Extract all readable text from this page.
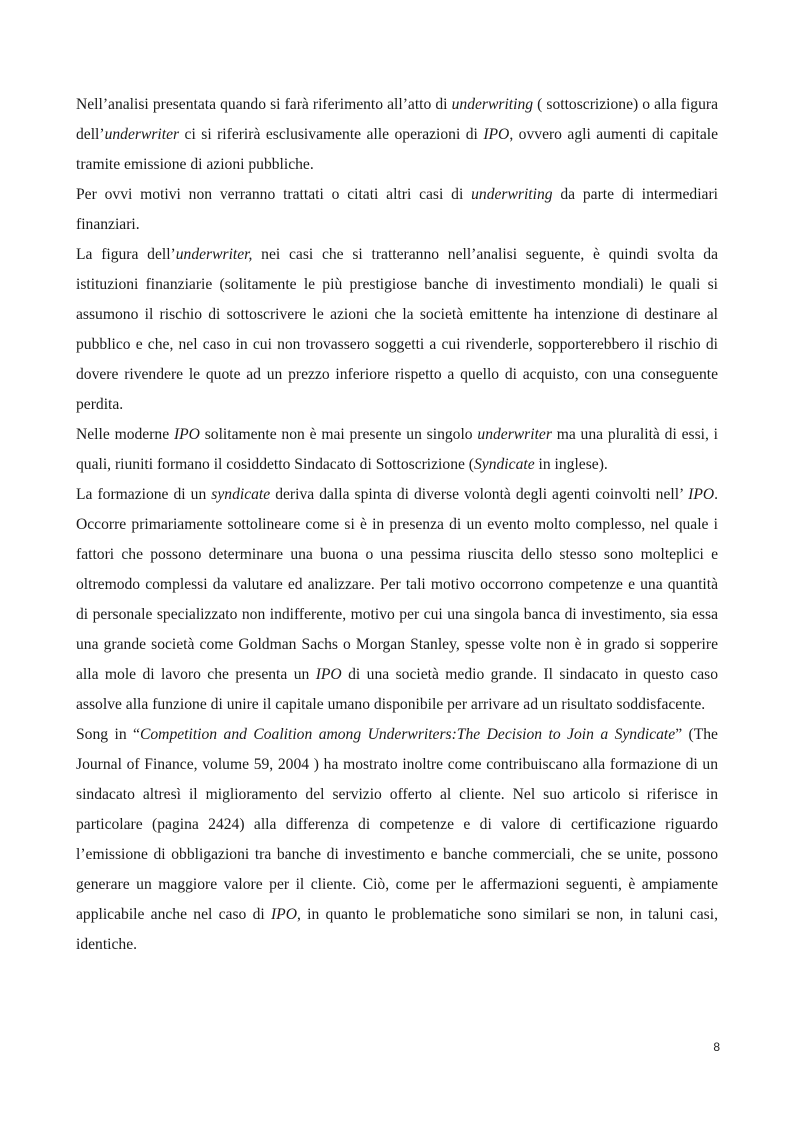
Nell’analisi presentata quando si farà riferimento all’atto di underwriting ( sottoscrizione) o alla figura dell’underwriter ci si riferirà esclusivamente alle operazioni di IPO, ovvero agli aumenti di capitale tramite emissione di azioni pubbliche.

Per ovvi motivi non verranno trattati o citati altri casi di underwriting da parte di intermediari finanziari.

La figura dell’underwriter, nei casi che si tratteranno nell’analisi seguente, è quindi svolta da istituzioni finanziarie (solitamente le più prestigiose banche di investimento mondiali) le quali si assumono il rischio di sottoscrivere le azioni che la società emittente ha intenzione di destinare al pubblico e che, nel caso in cui non trovassero soggetti a cui rivenderle, sopporterebbero il rischio di dovere rivendere le quote ad un prezzo inferiore rispetto a quello di acquisto, con una conseguente perdita.

Nelle moderne IPO solitamente non è mai presente un singolo underwriter ma una pluralità di essi, i quali, riuniti formano il cosiddetto Sindacato di Sottoscrizione (Syndicate in inglese).

La formazione di un syndicate deriva dalla spinta di diverse volontà degli agenti coinvolti nell’ IPO. Occorre primariamente sottolineare come si è in presenza di un evento molto complesso, nel quale i fattori che possono determinare una buona o una pessima riuscita dello stesso sono molteplici e oltremodo complessi da valutare ed analizzare. Per tali motivo occorrono competenze e una quantità di personale specializzato non indifferente, motivo per cui una singola banca di investimento, sia essa una grande società come Goldman Sachs o Morgan Stanley, spesse volte non è in grado si sopperire alla mole di lavoro che presenta un IPO di una società medio grande. Il sindacato in questo caso assolve alla funzione di unire il capitale umano disponibile per arrivare ad un risultato soddisfacente.

Song in “Competition and Coalition among Underwriters:The Decision to Join a Syndicate” (The Journal of Finance, volume 59, 2004 ) ha mostrato inoltre come contribuiscano alla formazione di un sindacato altresì il miglioramento del servizio offerto al cliente. Nel suo articolo si riferisce in particolare (pagina 2424) alla differenza di competenze e di valore di certificazione riguardo l’emissione di obbligazioni tra banche di investimento e banche commerciali, che se unite, possono generare un maggiore valore per il cliente. Ciò, come per le affermazioni seguenti, è ampiamente applicabile anche nel caso di IPO, in quanto le problematiche sono similari se non, in taluni casi, identiche.

8
